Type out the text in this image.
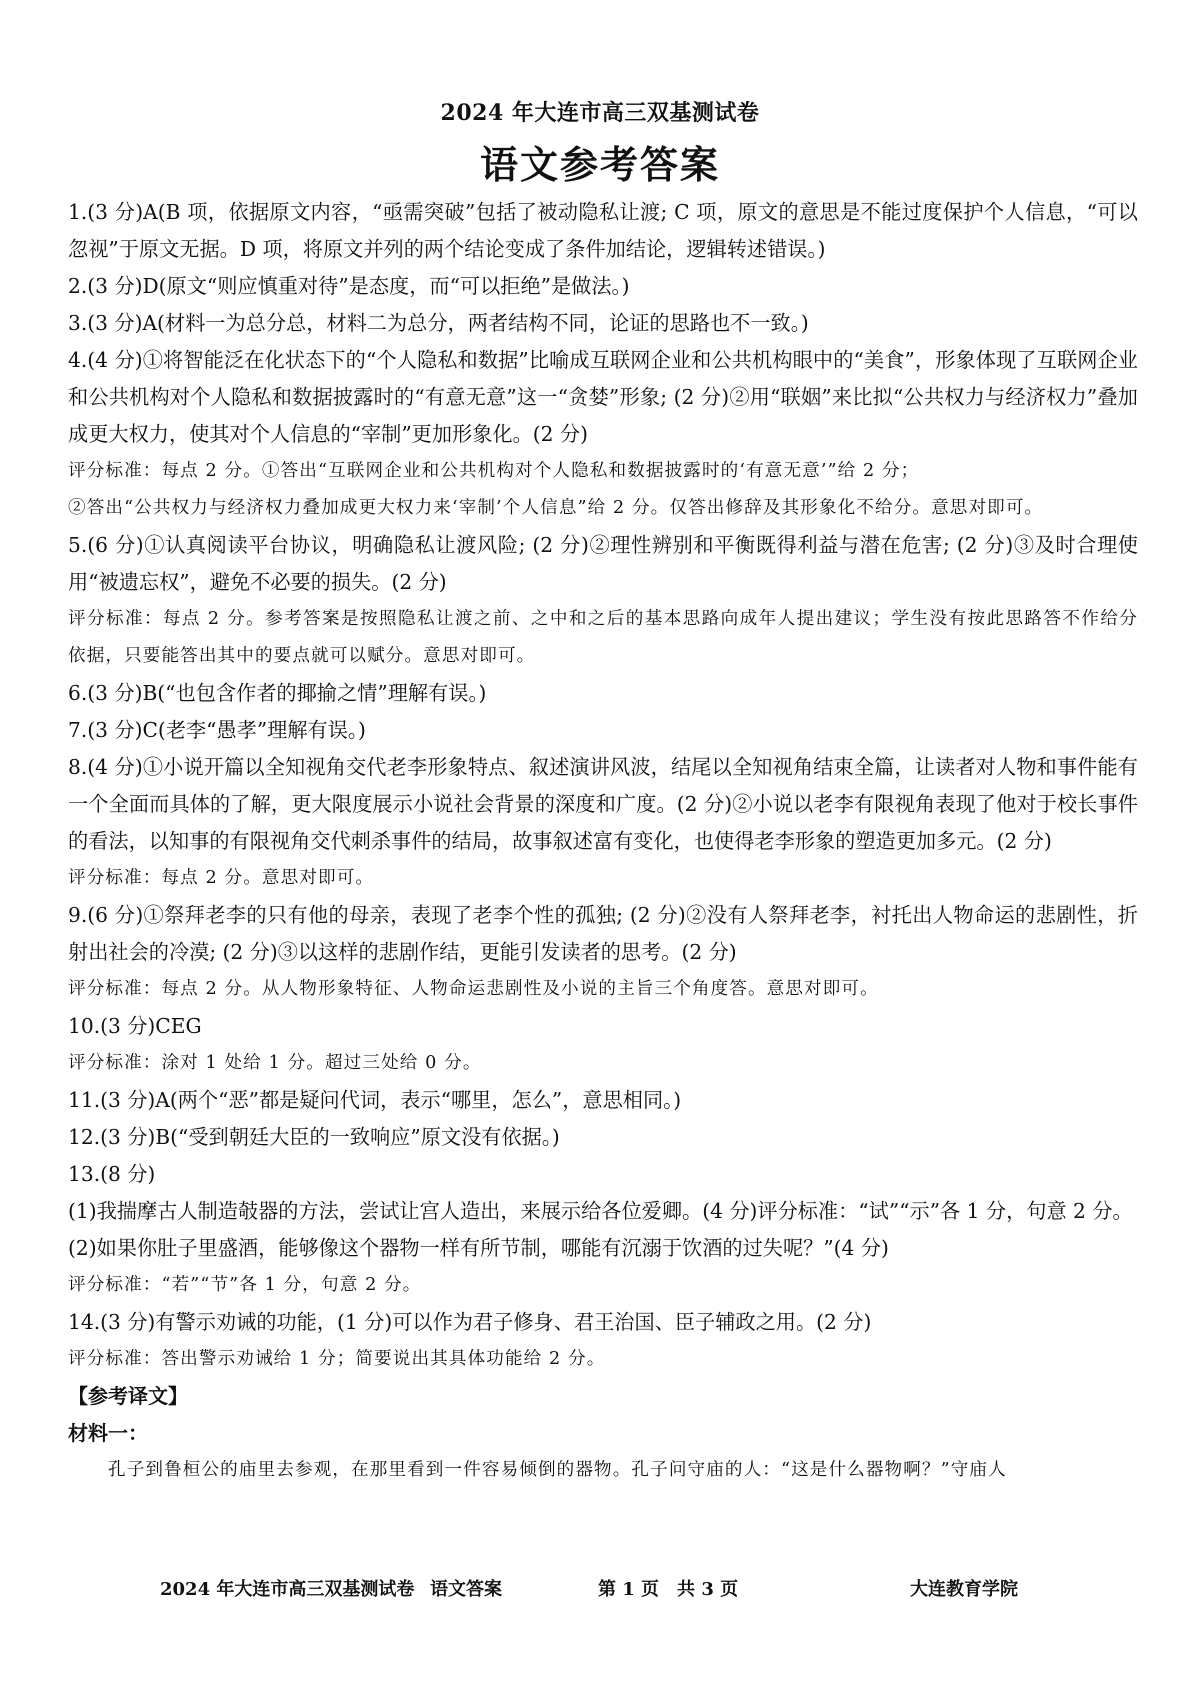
2024 年大连市高三双基测试卷
语文参考答案

1.(3 分)A(B 项，依据原文内容，“亟需突破”包括了被动隐私让渡; C 项，原文的意思是不能过度保护个人信息，“可以忽视”于原文无据。D 项，将原文并列的两个结论变成了条件加结论，逻辑转述错误。)

2.(3 分)D(原文“则应慎重对待”是态度，而“可以拒绝”是做法。)

3.(3 分)A(材料一为总分总，材料二为总分，两者结构不同，论证的思路也不一致。)

4.(4 分)①将智能泛在化状态下的“个人隐私和数据”比喻成互联网企业和公共机构眼中的“美食”，形象体现了互联网企业和公共机构对个人隐私和数据披露时的“有意无意”这一“贪婪”形象; (2 分)②用“联姻”来比拟“公共权力与经济权力”叠加成更大权力，使其对个人信息的“宰制”更加形象化。(2 分)

评分标准：每点 2 分。①答出“互联网企业和公共机构对个人隐私和数据披露时的‘有意无意’”给 2 分；

②答出“公共权力与经济权力叠加成更大权力来‘宰制’个人信息”给 2 分。仅答出修辞及其形象化不给分。意思对即可。

5.(6 分)①认真阅读平台协议，明确隐私让渡风险; (2 分)②理性辨别和平衡既得利益与潜在危害; (2 分)③及时合理使用“被遗忘权”，避免不必要的损失。(2 分)

评分标准：每点 2 分。参考答案是按照隐私让渡之前、之中和之后的基本思路向成年人提出建议；学生没有按此思路答不作给分依据，只要能答出其中的要点就可以赋分。意思对即可。

6.(3 分)B(“也包含作者的揶揄之情”理解有误。)

7.(3 分)C(老李“愚孝”理解有误。)

8.(4 分)①小说开篇以全知视角交代老李形象特点、叙述演讲风波，结尾以全知视角结束全篇，让读者对人物和事件能有一个全面而具体的了解，更大限度展示小说社会背景的深度和广度。(2 分)②小说以老李有限视角表现了他对于校长事件的看法，以知事的有限视角交代刺杀事件的结局，故事叙述富有变化，也使得老李形象的塑造更加多元。(2 分)

评分标准：每点 2 分。意思对即可。

9.(6 分)①祭拜老李的只有他的母亲，表现了老李个性的孤独; (2 分)②没有人祭拜老李，衬托出人物命运的悲剧性，折射出社会的冷漠; (2 分)③以这样的悲剧作结，更能引发读者的思考。(2 分)

评分标准：每点 2 分。从人物形象特征、人物命运悲剧性及小说的主旨三个角度答。意思对即可。

10.(3 分)CEG

评分标准：涂对 1 处给 1 分。超过三处给 0 分。

11.(3 分)A(两个“恶”都是疑问代词，表示“哪里，怎么”，意思相同。)

12.(3 分)B(“受到朝廷大臣的一致响应”原文没有依据。)

13.(8 分)

(1)我揣摩古人制造攲器的方法，尝试让宫人造出，来展示给各位爱卿。(4 分)评分标准：“试”“示”各 1 分，句意 2 分。

(2)如果你肚子里盛酒，能够像这个器物一样有所节制，哪能有沉溺于饮酒的过失呢？”(4 分)

评分标准：“若”“节”各 1 分，句意 2 分。

14.(3 分)有警示劝诫的功能，(1 分)可以作为君子修身、君王治国、臣子辅政之用。(2 分)

评分标准：答出警示劝诫给 1 分；简要说出其具体功能给 2 分。

【参考译文】

材料一：

孔子到鲁桓公的庙里去参观，在那里看到一件容易倾倒的器物。孔子问守庙的人：“这是什么器物啊？”守庙人

2024 年大连市高三双基测试卷 语文答案	第 1 页　共 3 页	大连教育学院
